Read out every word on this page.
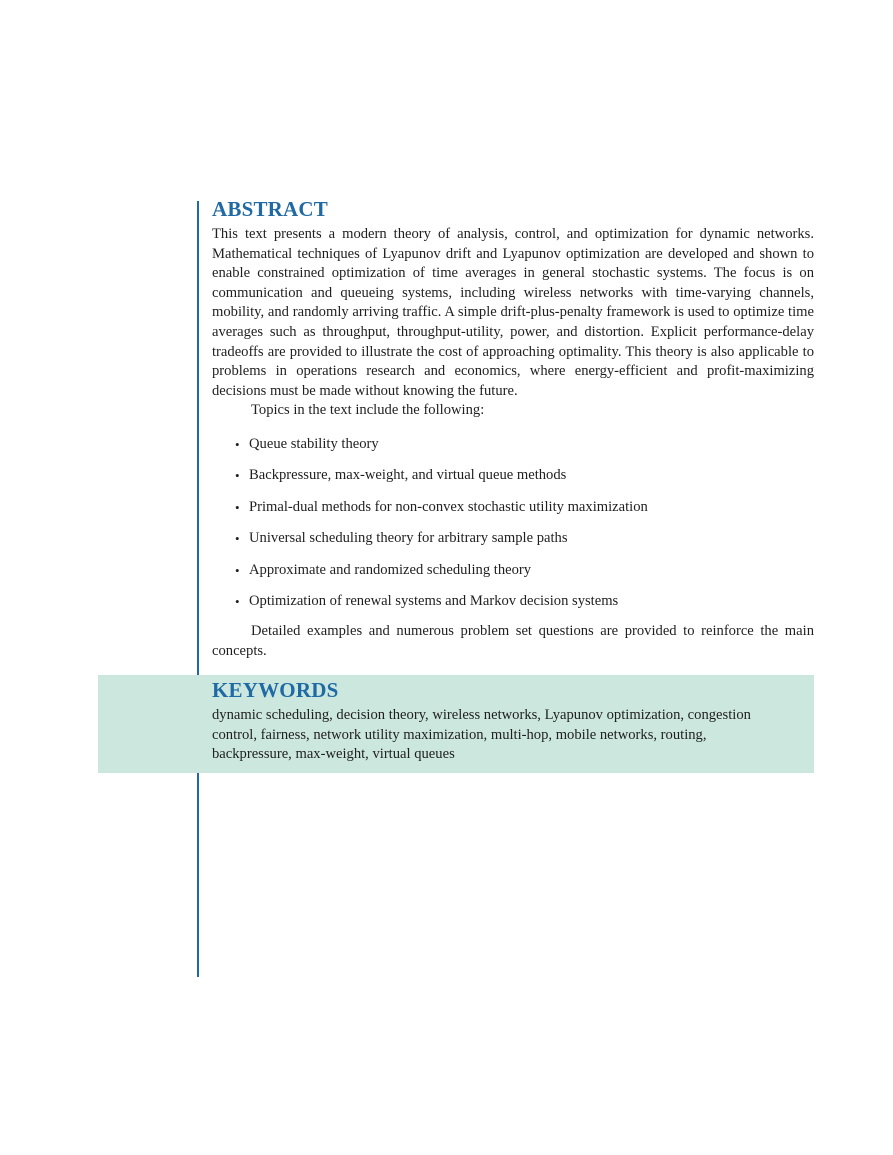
ABSTRACT

This text presents a modern theory of analysis, control, and optimization for dynamic networks. Mathematical techniques of Lyapunov drift and Lyapunov optimization are developed and shown to enable constrained optimization of time averages in general stochastic systems. The focus is on communication and queueing systems, including wireless networks with time-varying channels, mobility, and randomly arriving traffic. A simple drift-plus-penalty framework is used to optimize time averages such as throughput, throughput-utility, power, and distortion. Explicit performance-delay tradeoffs are provided to illustrate the cost of approaching optimality. This theory is also applicable to problems in operations research and economics, where energy-efficient and profit-maximizing decisions must be made without knowing the future.

Topics in the text include the following:

• Queue stability theory
• Backpressure, max-weight, and virtual queue methods
• Primal-dual methods for non-convex stochastic utility maximization
• Universal scheduling theory for arbitrary sample paths
• Approximate and randomized scheduling theory
• Optimization of renewal systems and Markov decision systems

Detailed examples and numerous problem set questions are provided to reinforce the main concepts.

KEYWORDS

dynamic scheduling, decision theory, wireless networks, Lyapunov optimization, congestion control, fairness, network utility maximization, multi-hop, mobile networks, routing, backpressure, max-weight, virtual queues
